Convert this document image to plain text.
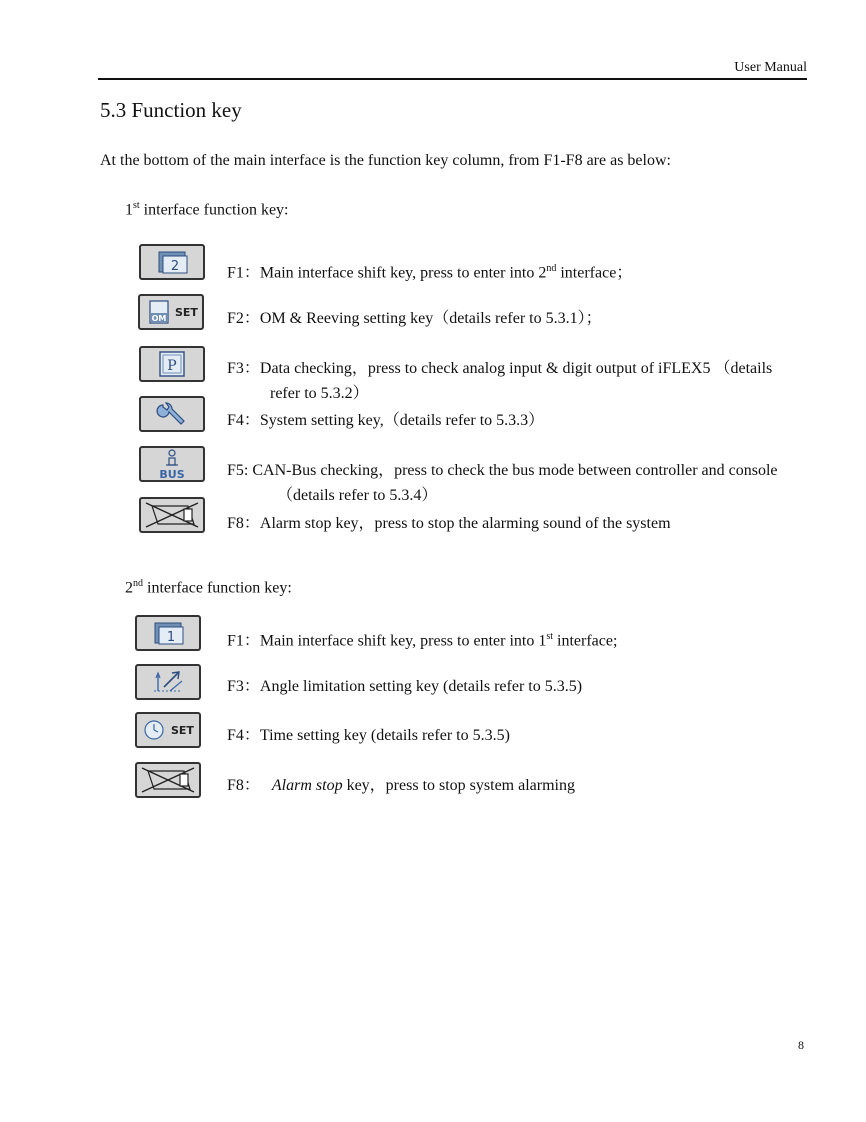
User Manual
5.3 Function key
At the bottom of the main interface is the function key column, from F1-F8 are as below:
1st interface function key:
2	F1：Main interface shift key, press to enter into 2nd interface；
OM SET F2：OM & Reeving setting key（details refer to 5.3.1）；
P	F3：Data checking，press to check analog input & digit output of iFLEX5 （details
refer to 5.3.2）
F4：System setting key,（details refer to 5.3.3）
BUS	F5: CAN-Bus checking，press to check the bus mode between controller and console
（details refer to 5.3.4）
F8：Alarm stop key，press to stop the alarming sound of the system
2nd interface function key:
1	F1：Main interface shift key, press to enter into 1st interface;
F3：Angle limitation setting key (details refer to 5.3.5)
SET F4：Time setting key (details refer to 5.3.5)
F8： Alarm stop key，press to stop system alarming
8
